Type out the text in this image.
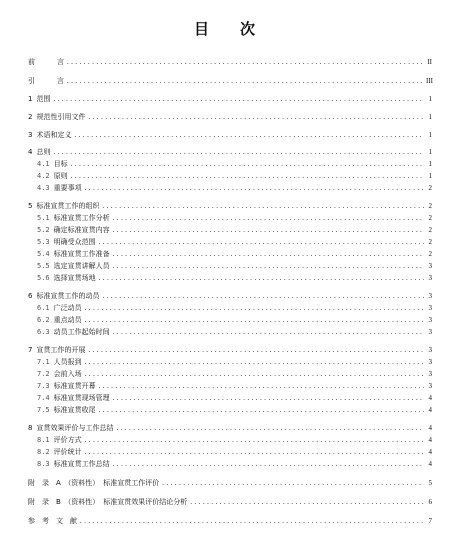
目 次
前	言 .....	II
引	言 .....	III
1 范围 .....	1
2 规范性引用文件 .....	1
3 术语和定义 .....	1
4 总则 .....	1
4.1 目标 .....	1
4.2 原则 .....	1
4.3 重要事项 .....	2
5 标准宣贯工作的组织 .....	2
5.1 标准宣贯工作分析 .....	2
5.2 确定标准宣贯内容 .....	2
5.3 明确受众范围 .....	2
5.4 标准宣贯工作准备 .....	2
5.5 选定宣贯讲解人员 .....	3
5.6 选择宣贯场地 .....	3
6 标准宣贯工作的动员 .....	3
6.1 广泛动员 .....	3
6.2 重点动员 .....	3
6.3 动员工作起始时间 .....	3
7 宣贯工作的开展 .....	3
7.1 人员报到 .....	3
7.2 会前入场 .....	3
7.3 标准宣贯开幕 .....	3
7.4 标准宣贯现场管理 .....	4
7.5 标准宣贯收尾 .....	4
8 宣贯效果评价与工作总结 .....	4
8.1 评价方式 .....	4
8.2 评价统计 .....	4
8.3 标准宣贯工作总结 .....	4
附　录　A　（资料性） 标准宣贯工作评价 .....	5
附　录　B　（资料性） 标准宣贯效果评价结论分析 .....	6
参　考　文　献 .....	7
